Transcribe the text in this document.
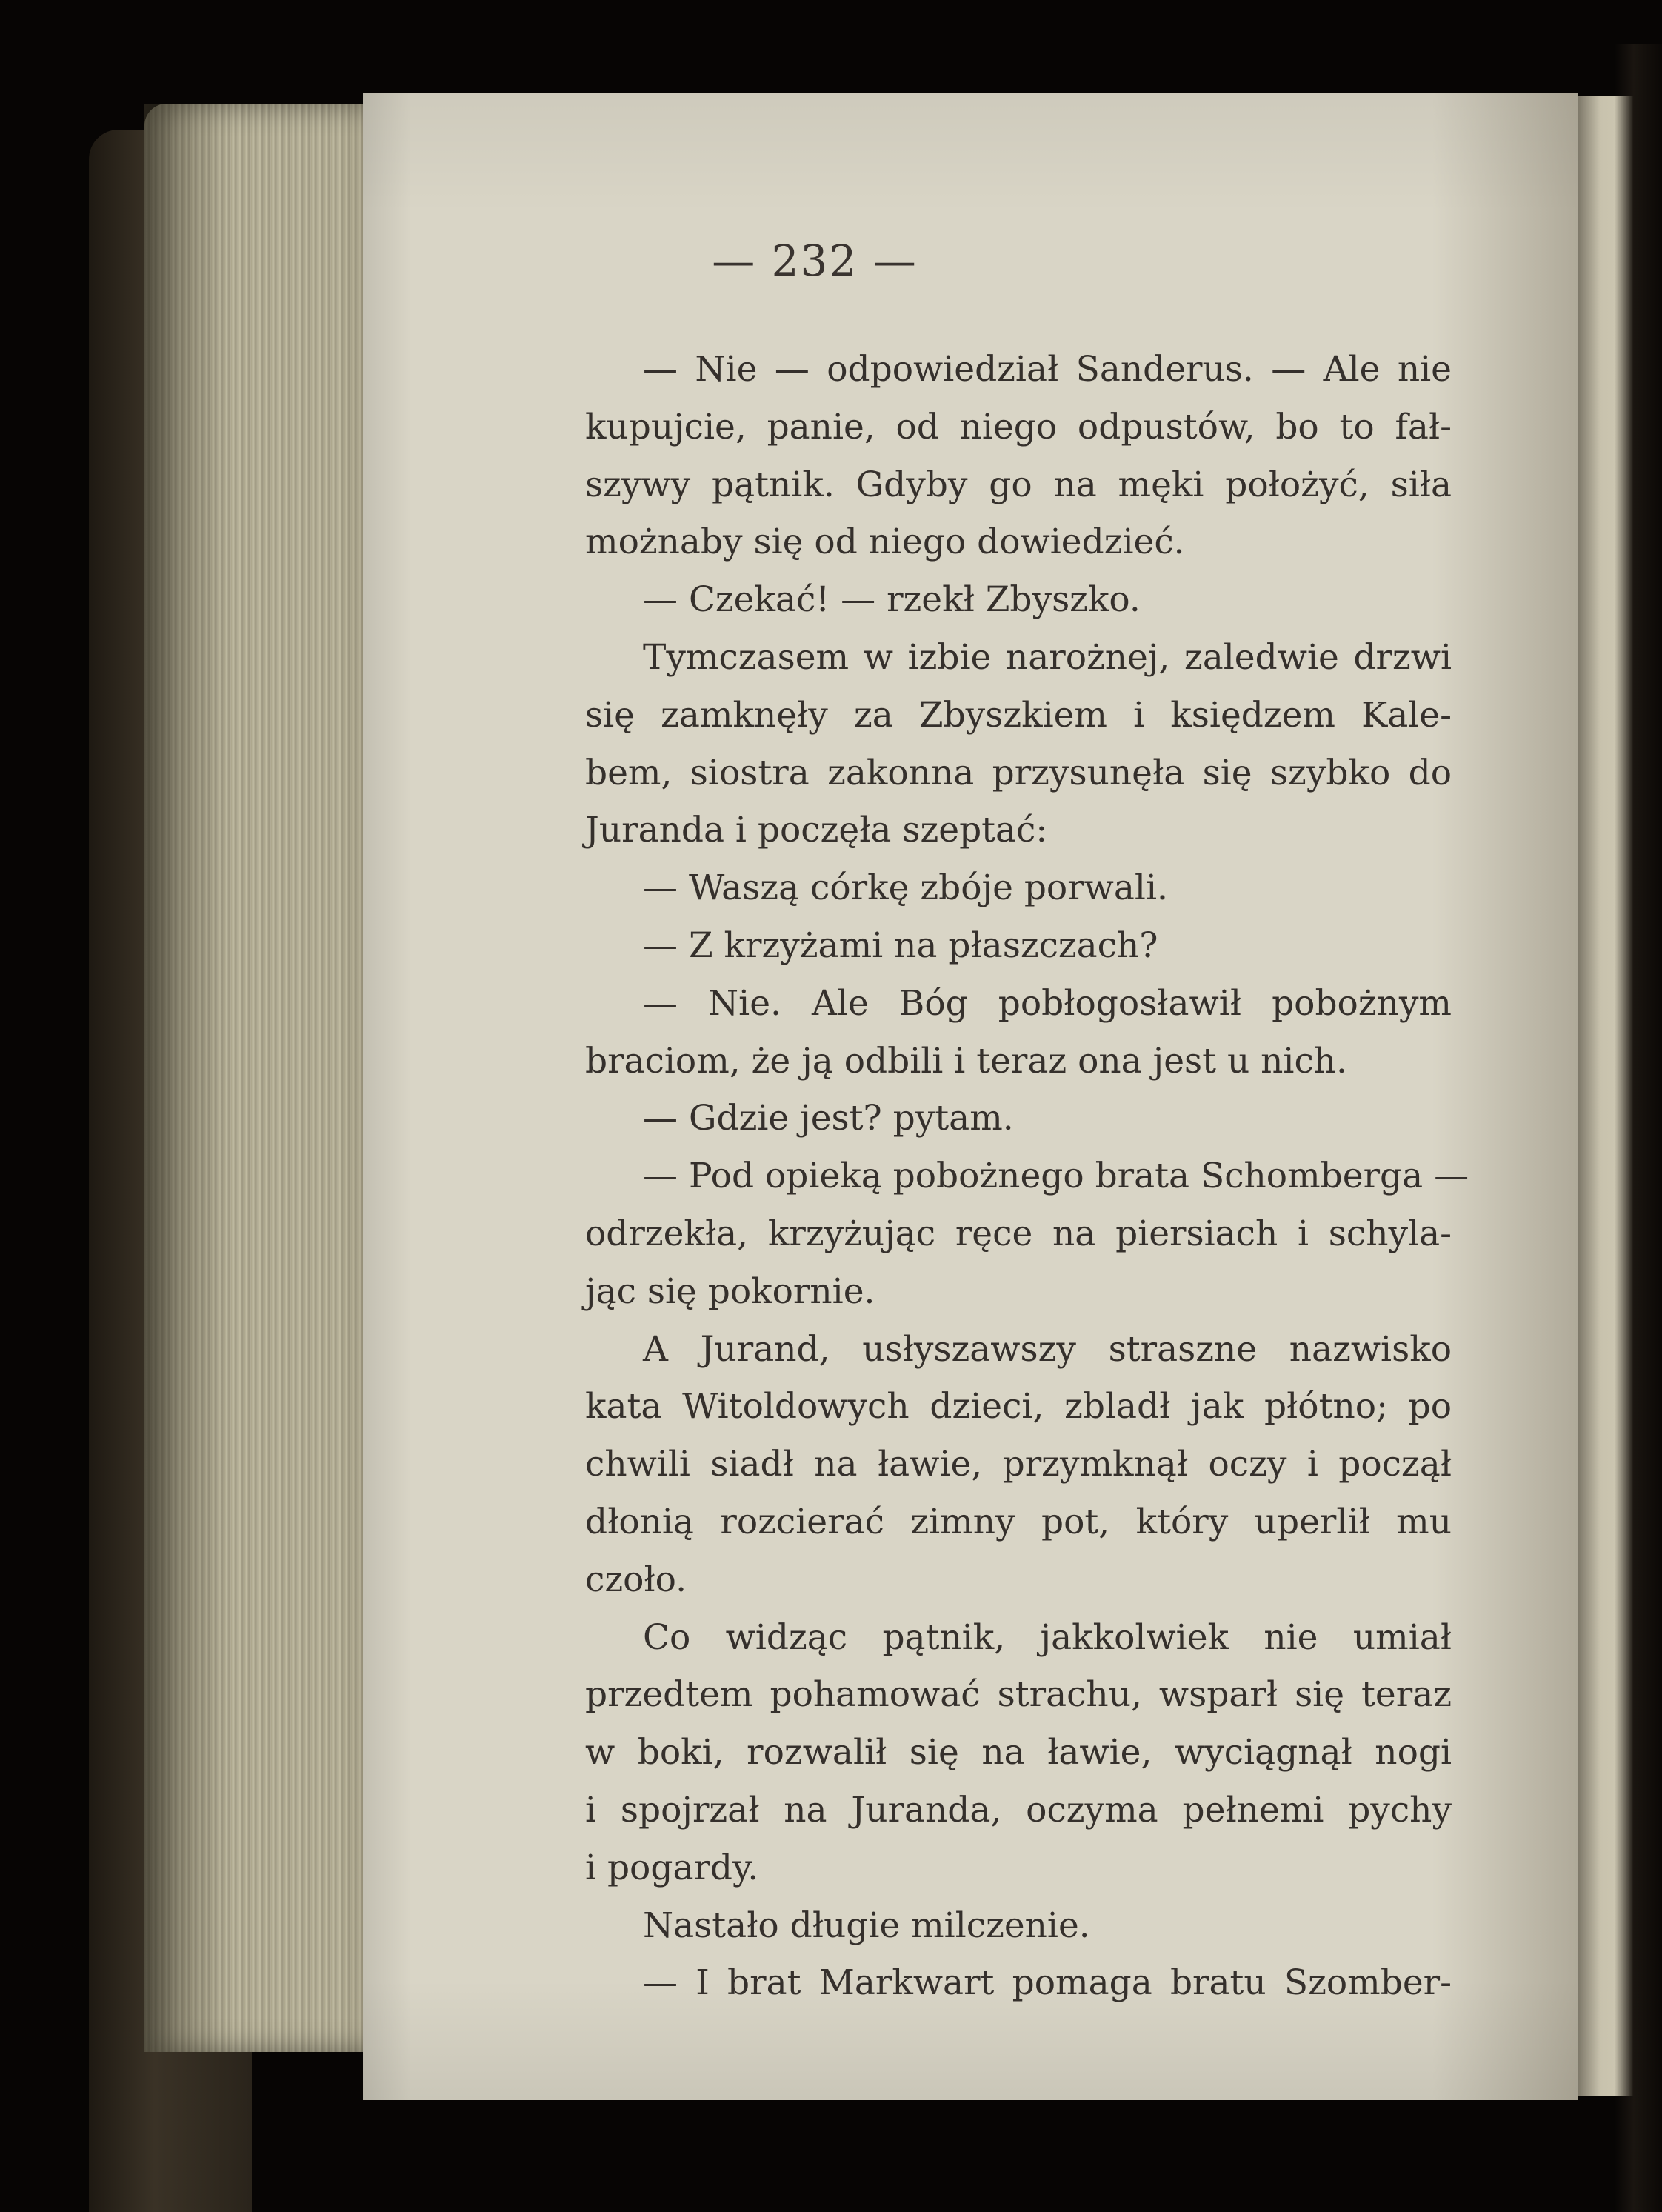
— 232 —
— Nie — odpowiedział Sanderus. — Ale nie
kupujcie, panie, od niego odpustów, bo to fał-
szywy pątnik. Gdyby go na męki położyć, siła
możnaby się od niego dowiedzieć.
— Czekać! — rzekł Zbyszko.
Tymczasem w izbie narożnej, zaledwie drzwi
się zamknęły za Zbyszkiem i księdzem Kale-
bem, siostra zakonna przysunęła się szybko do
Juranda i poczęła szeptać:
— Waszą córkę zbóje porwali.
— Z krzyżami na płaszczach?
— Nie. Ale Bóg pobłogosławił pobożnym
braciom, że ją odbili i teraz ona jest u nich.
— Gdzie jest? pytam.
— Pod opieką pobożnego brata Schomberga —
odrzekła, krzyżując ręce na piersiach i schyla-
jąc się pokornie.
A Jurand, usłyszawszy straszne nazwisko
kata Witoldowych dzieci, zbladł jak płótno; po
chwili siadł na ławie, przymknął oczy i począł
dłonią rozcierać zimny pot, który uperlił mu
czoło.
Co widząc pątnik, jakkolwiek nie umiał
przedtem pohamować strachu, wsparł się teraz
w boki, rozwalił się na ławie, wyciągnął nogi
i spojrzał na Juranda, oczyma pełnemi pychy
i pogardy.
Nastało długie milczenie.
— I brat Markwart pomaga bratu Szomber-
